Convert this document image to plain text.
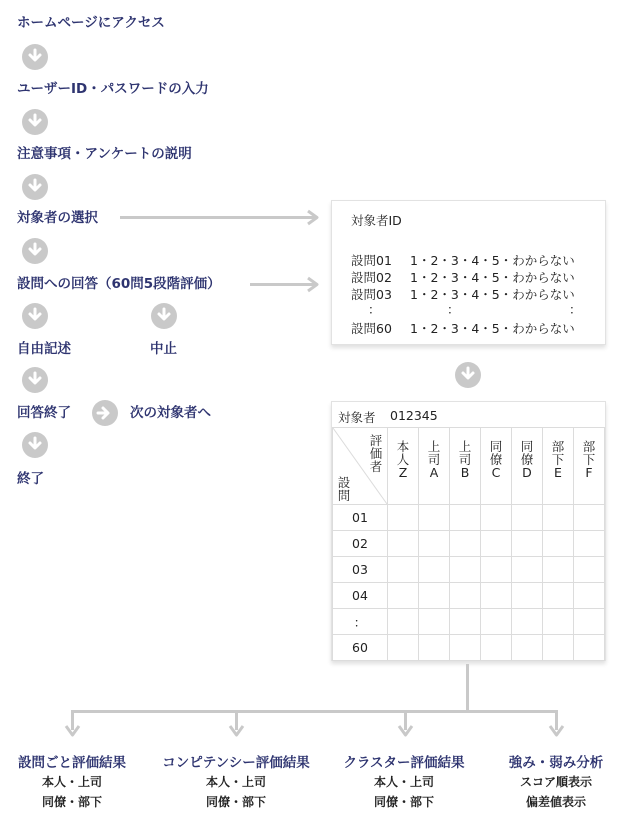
ホームページにアクセス
ユーザーID・パスワードの入力
注意事項・アンケートの説明
対象者の選択
設問への回答（60問5段階評価）
自由記述	中止
回答終了	次の対象者へ
終了
対象者ID
設問01 1・2・3・4・5・わからない
設問02 1・2・3・4・5・わからない
設問03 1・2・3・4・5・わからない
：	：	：
設問60 1・2・3・4・5・わからない
対象者 012345
評価者
設問	本人Z	上司A	上司B	同僚C	同僚D	部下E	部下F
01							
02							
03							
04							
：							
60							
設問ごと評価結果
本人・上司
同僚・部下
コンピテンシー評価結果
本人・上司
同僚・部下
クラスター評価結果
本人・上司
同僚・部下
強み・弱み分析
スコア順表示
偏差値表示
